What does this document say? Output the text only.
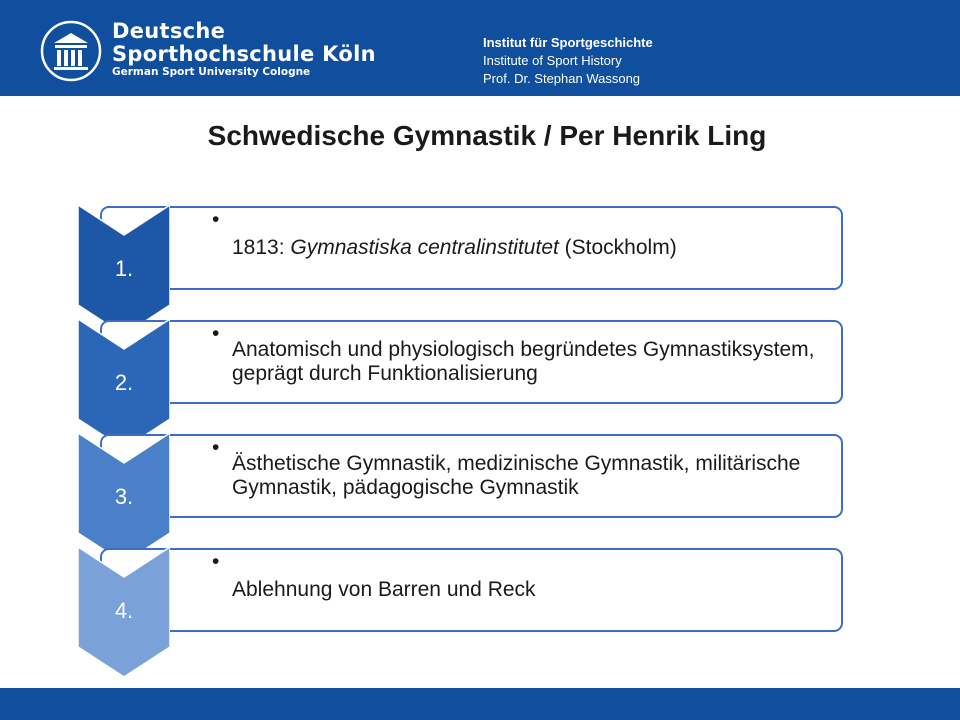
Deutsche
Sporthochschule Köln
German Sport University Cologne
Institut für Sportgeschichte
Institute of Sport History
Prof. Dr. Stephan Wassong
Schwedische Gymnastik / Per Henrik Ling
•
1813: Gymnastiska centralinstitutet (Stockholm)
1.
•
Anatomisch und physiologisch begründetes Gymnastiksystem, geprägt durch Funktionalisierung
2.
•
Ästhetische Gymnastik, medizinische Gymnastik, militärische Gymnastik, pädagogische Gymnastik
3.
•
Ablehnung von Barren und Reck
4.
